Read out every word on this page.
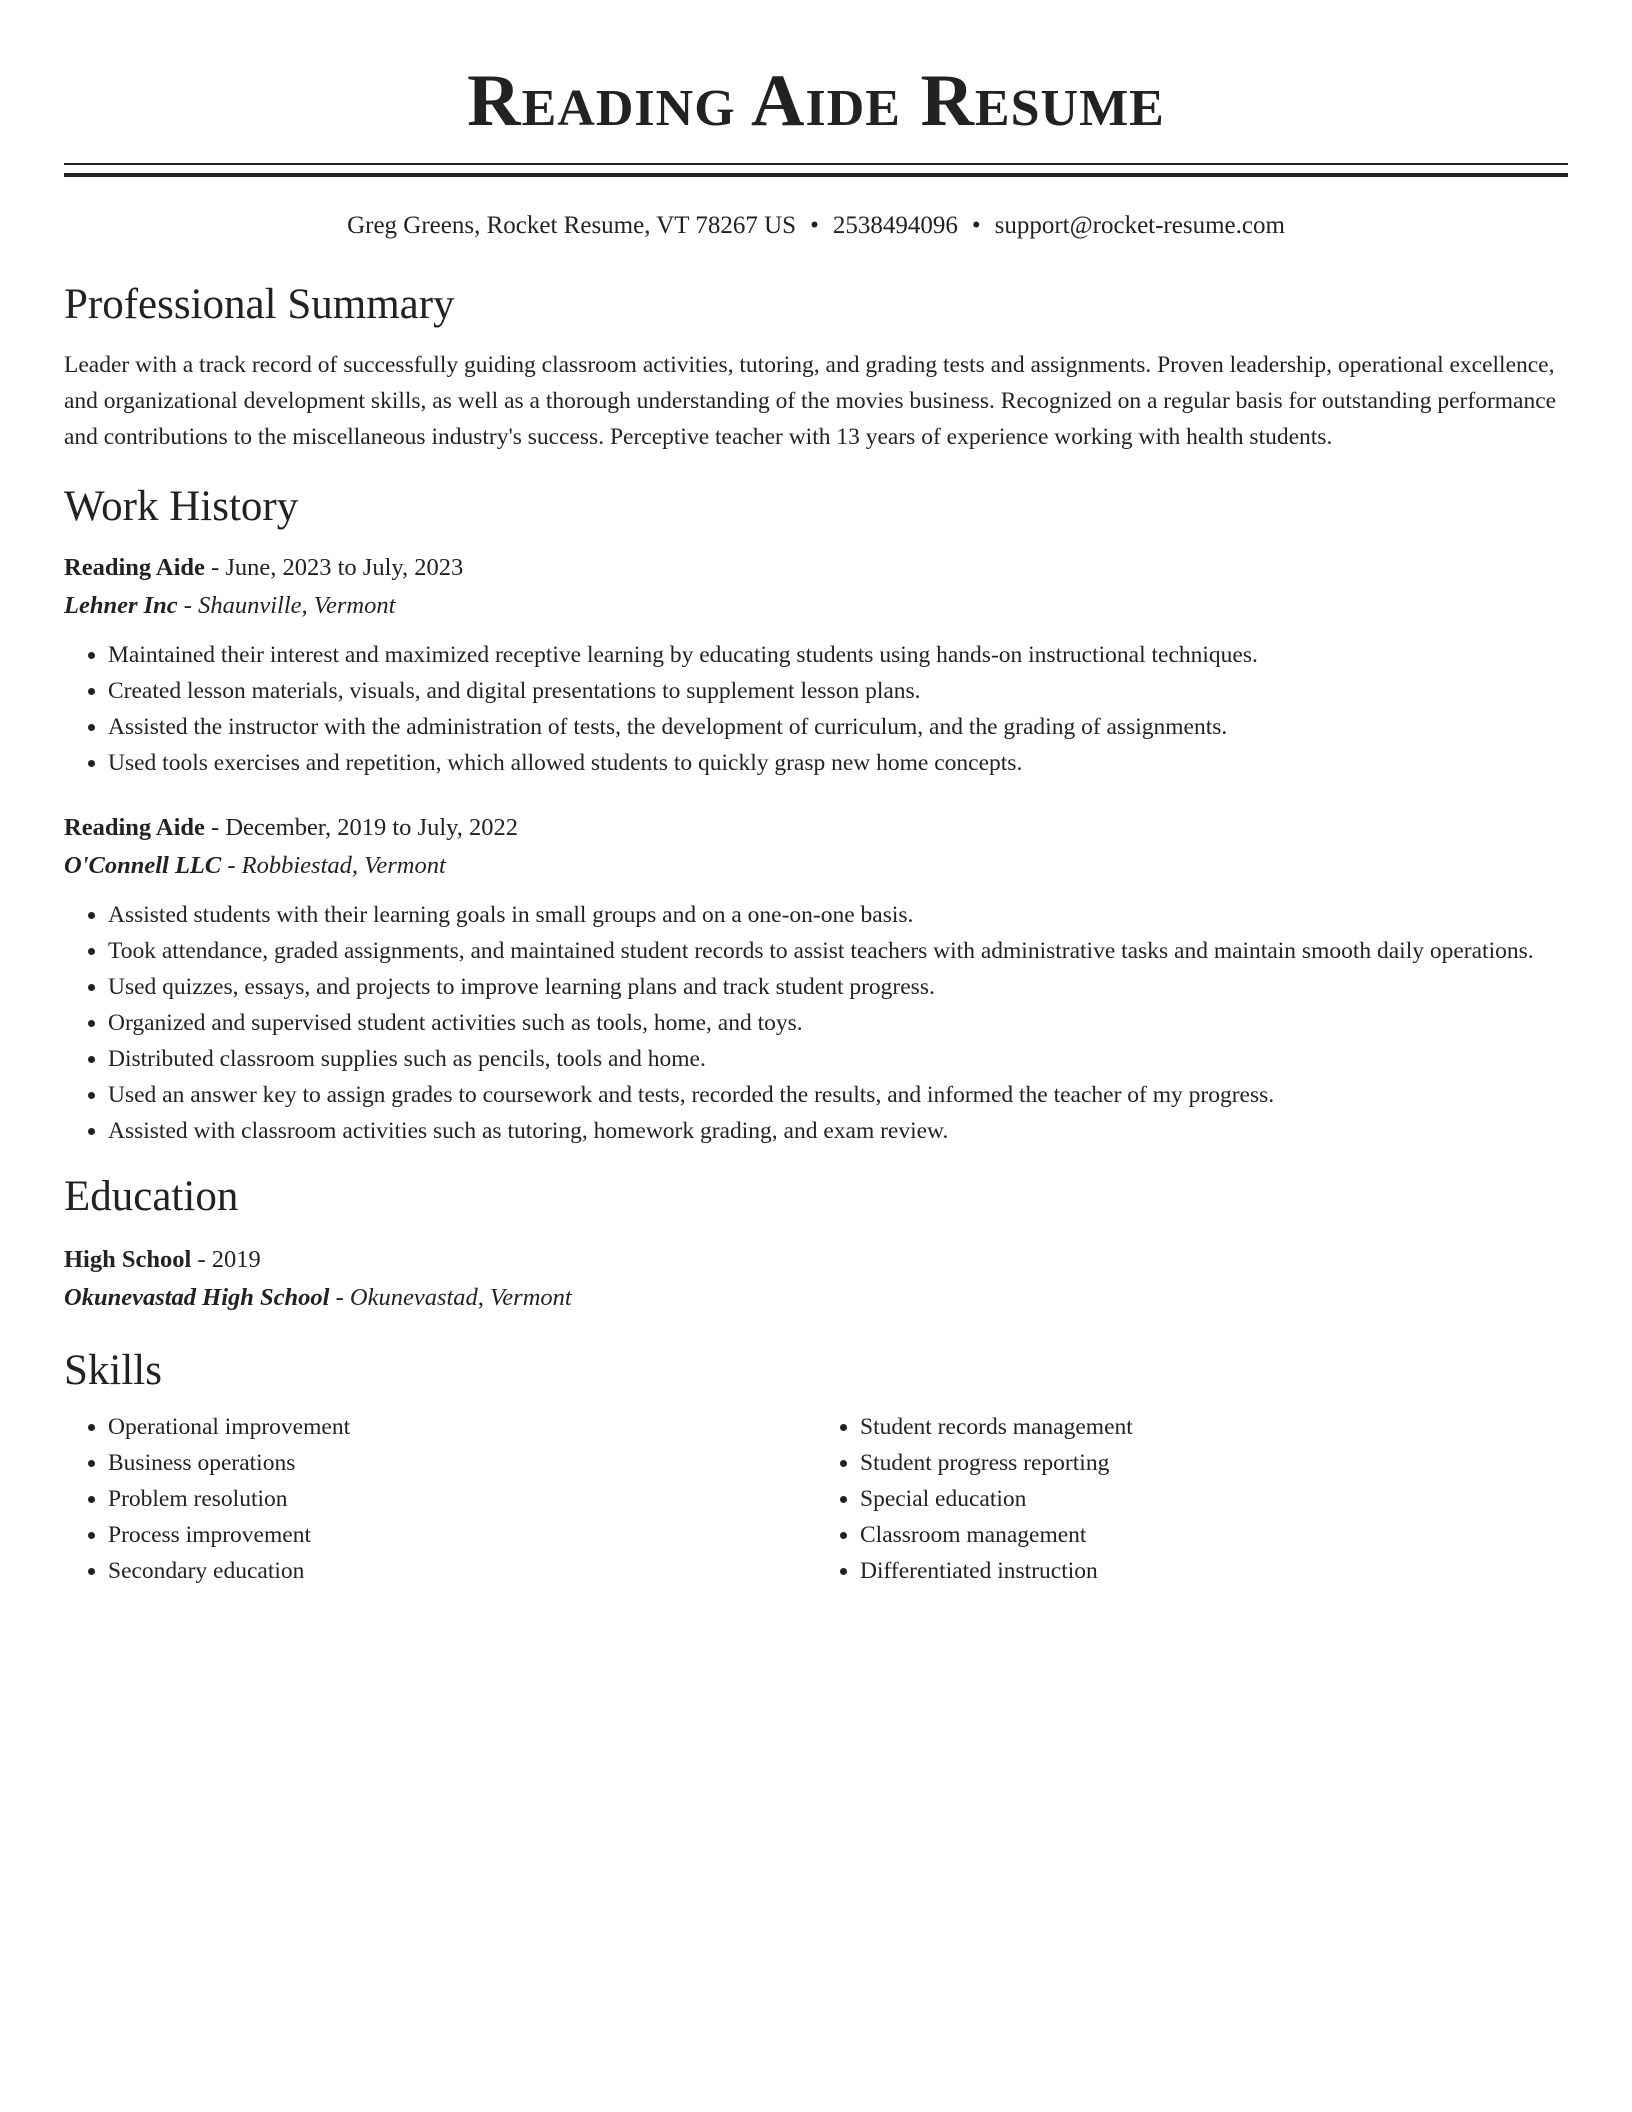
Reading Aide Resume
Greg Greens, Rocket Resume, VT 78267 US • 2538494096 • support@rocket-resume.com
Professional Summary

Leader with a track record of successfully guiding classroom activities, tutoring, and grading tests and assignments. Proven leadership, operational excellence, and organizational development skills, as well as a thorough understanding of the movies business. Recognized on a regular basis for outstanding performance and contributions to the miscellaneous industry's success. Perceptive teacher with 13 years of experience working with health students.

Work History
Reading Aide - June, 2023 to July, 2023
Lehner Inc - Shaunville, Vermont
• Maintained their interest and maximized receptive learning by educating students using hands-on instructional techniques.
• Created lesson materials, visuals, and digital presentations to supplement lesson plans.
• Assisted the instructor with the administration of tests, the development of curriculum, and the grading of assignments.
• Used tools exercises and repetition, which allowed students to quickly grasp new home concepts.
Reading Aide - December, 2019 to July, 2022
O'Connell LLC - Robbiestad, Vermont
• Assisted students with their learning goals in small groups and on a one-on-one basis.
• Took attendance, graded assignments, and maintained student records to assist teachers with administrative tasks and maintain smooth daily operations.
• Used quizzes, essays, and projects to improve learning plans and track student progress.
• Organized and supervised student activities such as tools, home, and toys.
• Distributed classroom supplies such as pencils, tools and home.
• Used an answer key to assign grades to coursework and tests, recorded the results, and informed the teacher of my progress.
• Assisted with classroom activities such as tutoring, homework grading, and exam review.
Education
High School - 2019
Okunevastad High School - Okunevastad, Vermont
Skills
• Operational improvement
• Business operations
• Problem resolution
• Process improvement
• Secondary education
• Student records management
• Student progress reporting
• Special education
• Classroom management
• Differentiated instruction
